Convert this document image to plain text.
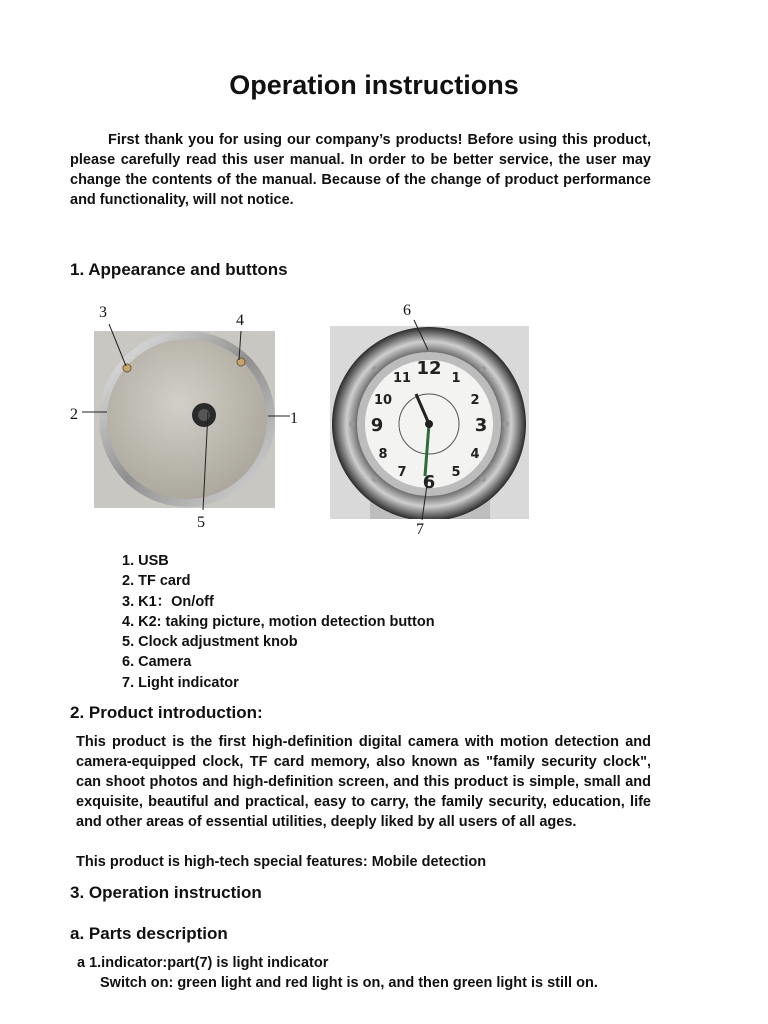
Operation instructions
First thank you for using our company’s products! Before using this product, please carefully read this user manual. In order to be better service, the user may change the contents of the manual. Because of the change of product performance and functionality, will not notice.
1. Appearance and buttons
12 1
2
3
4
5
6
7
8
9
10
11
3	4
2	1
5
6
7
1. USB
2. TF card
3. K1：On/off
4. K2: taking picture, motion detection button
5. Clock adjustment knob
6. Camera
7. Light indicator
2. Product introduction:
This product is the first high-definition digital camera with motion detection and camera-equipped clock, TF card memory, also known as "family security clock", can shoot photos and high-definition screen, and this product is simple, small and exquisite, beautiful and practical, easy to carry, the family security, education, life and other areas of essential utilities, deeply liked by all users of all ages.
This product is high-tech special features: Mobile detection
3. Operation instruction
a. Parts description
a 1.indicator:part(7) is light indicator
Switch on: green light and red light is on, and then green light is still on.
